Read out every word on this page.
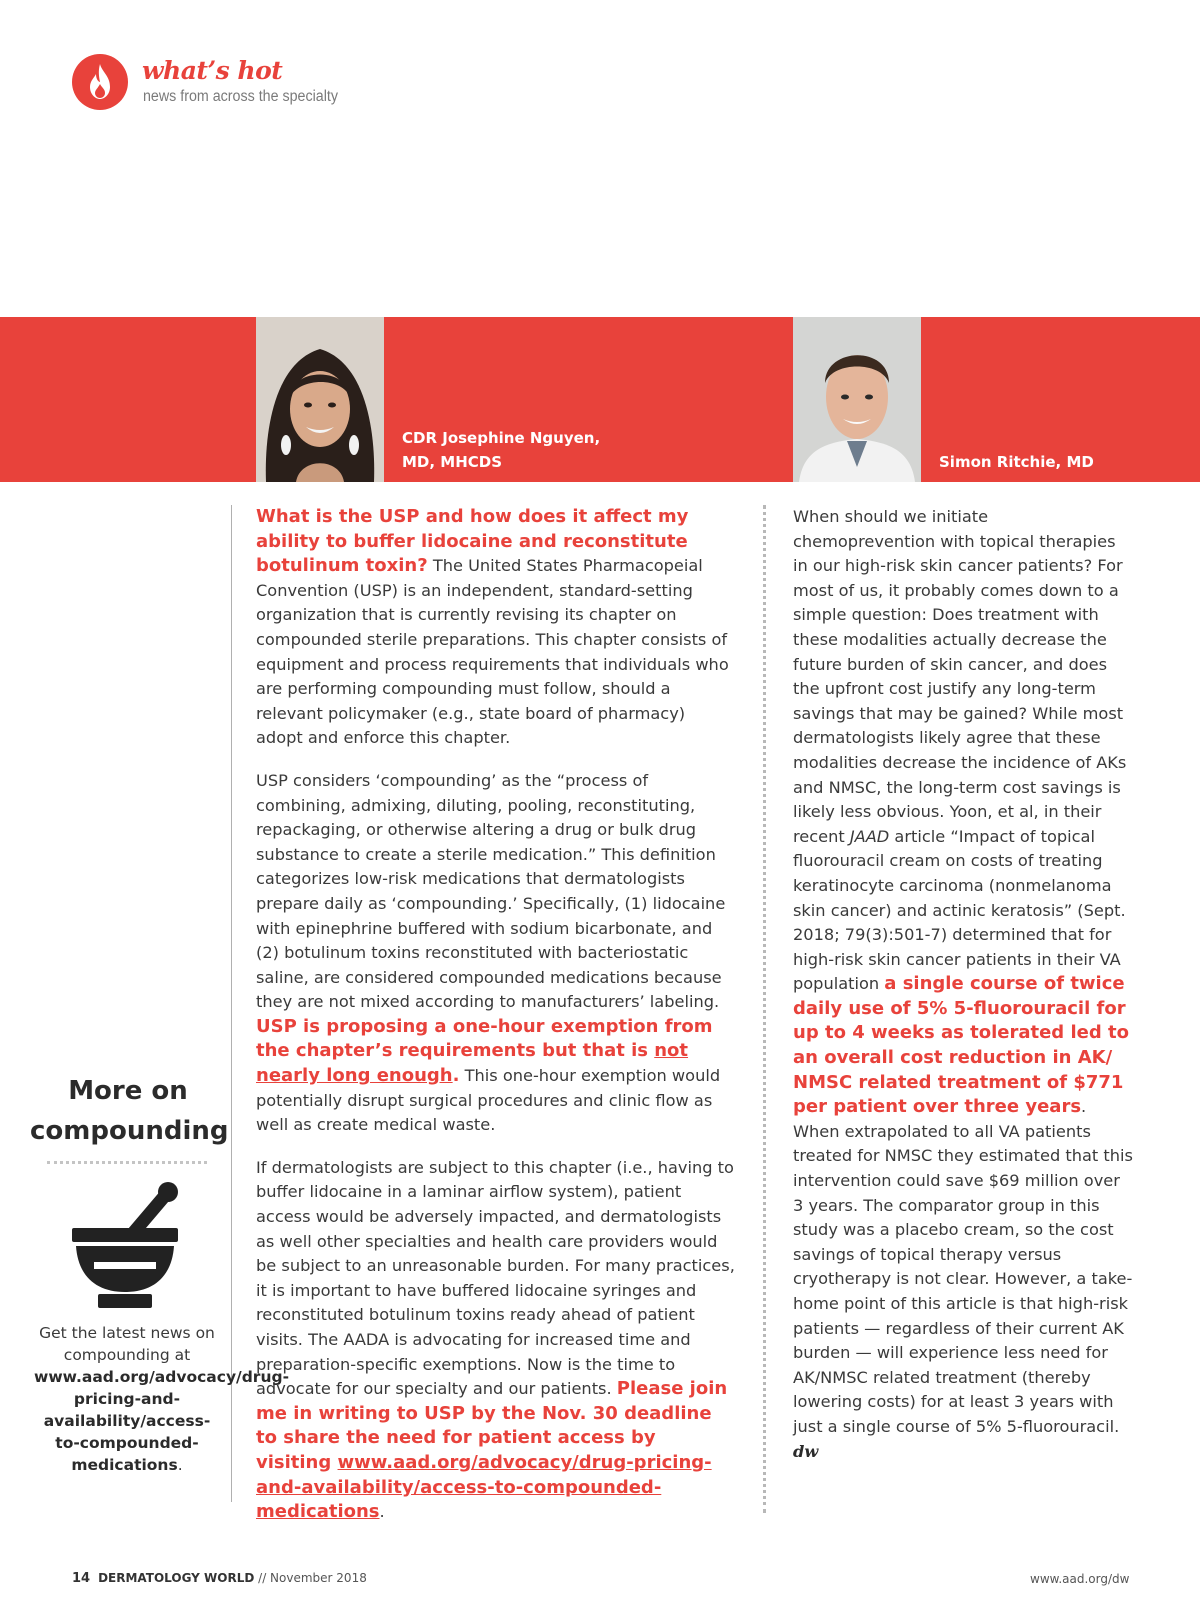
what’s hot
news from across the specialty
CDR Josephine Nguyen,
MD, MHCDS	Simon Ritchie, MD

What is the USP and how does it affect my ability to buffer lidocaine and reconstitute botulinum toxin? The United States Pharmacopeial Convention (USP) is an independent, standard-setting organization that is currently revising its chapter on compounded sterile preparations. This chapter consists of equipment and process requirements that individuals who are performing compounding must follow, should a relevant policymaker (e.g., state board of pharmacy) adopt and enforce this chapter.

USP considers ‘compounding’ as the “process of combining, admixing, diluting, pooling, reconstituting, repackaging, or otherwise altering a drug or bulk drug substance to create a sterile medication.” This definition categorizes low-risk medications that dermatologists prepare daily as ‘compounding.’ Specifically, (1) lidocaine with epinephrine buffered with sodium bicarbonate, and (2) botulinum toxins reconstituted with bacteriostatic saline, are considered compounded medications because they are not mixed according to manufacturers’ labeling. USP is proposing a one-hour exemption from the chapter’s requirements but that is not nearly long enough. This one-hour exemption would potentially disrupt surgical procedures and clinic flow as well as create medical waste.

If dermatologists are subject to this chapter (i.e., having to buffer lidocaine in a laminar airflow system), patient access would be adversely impacted, and dermatologists as well other specialties and health care providers would be subject to an unreasonable burden. For many practices, it is important to have buffered lidocaine syringes and reconstituted botulinum toxins ready ahead of patient visits. The AADA is advocating for increased time and preparation-specific exemptions. Now is the time to advocate for our specialty and our patients. Please join me in writing to USP by the Nov. 30 deadline to share the need for patient access by visiting www.aad.org/advocacy/drug-pricing-and-availability/access-to-compounded-medications.

When should we initiate chemoprevention with topical therapies in our high-risk skin cancer patients? For most of us, it probably comes down to a simple question: Does treatment with these modalities actually decrease the future burden of skin cancer, and does the upfront cost justify any long-term savings that may be gained? While most dermatologists likely agree that these modalities decrease the incidence of AKs and NMSC, the long-term cost savings is likely less obvious. Yoon, et al, in their recent JAAD article “Impact of topical fluorouracil cream on costs of treating keratinocyte carcinoma (nonmelanoma skin cancer) and actinic keratosis” (Sept. 2018; 79(3):501-7) determined that for high-risk skin cancer patients in their VA population a single course of twice daily use of 5% 5-fluorouracil for up to 4 weeks as tolerated led to an overall cost reduction in AK/ NMSC related treatment of $771 per patient over three years. When extrapolated to all VA patients treated for NMSC they estimated that this intervention could save $69 million over 3 years. The comparator group in this study was a placebo cream, so the cost savings of topical therapy versus cryotherapy is not clear. However, a take-home point of this article is that high-risk patients — regardless of their current AK burden — will experience less need for AK/NMSC related treatment (thereby lowering costs) for at least 3 years with just a single course of 5% 5-fluorouracil. dw

More on
compounding
Get the latest news on compounding at www.aad.org/advocacy/drug-pricing-and-availability/access-to-compounded-medications.
14 DERMATOLOGY WORLD // November 2018	www.aad.org/dw
